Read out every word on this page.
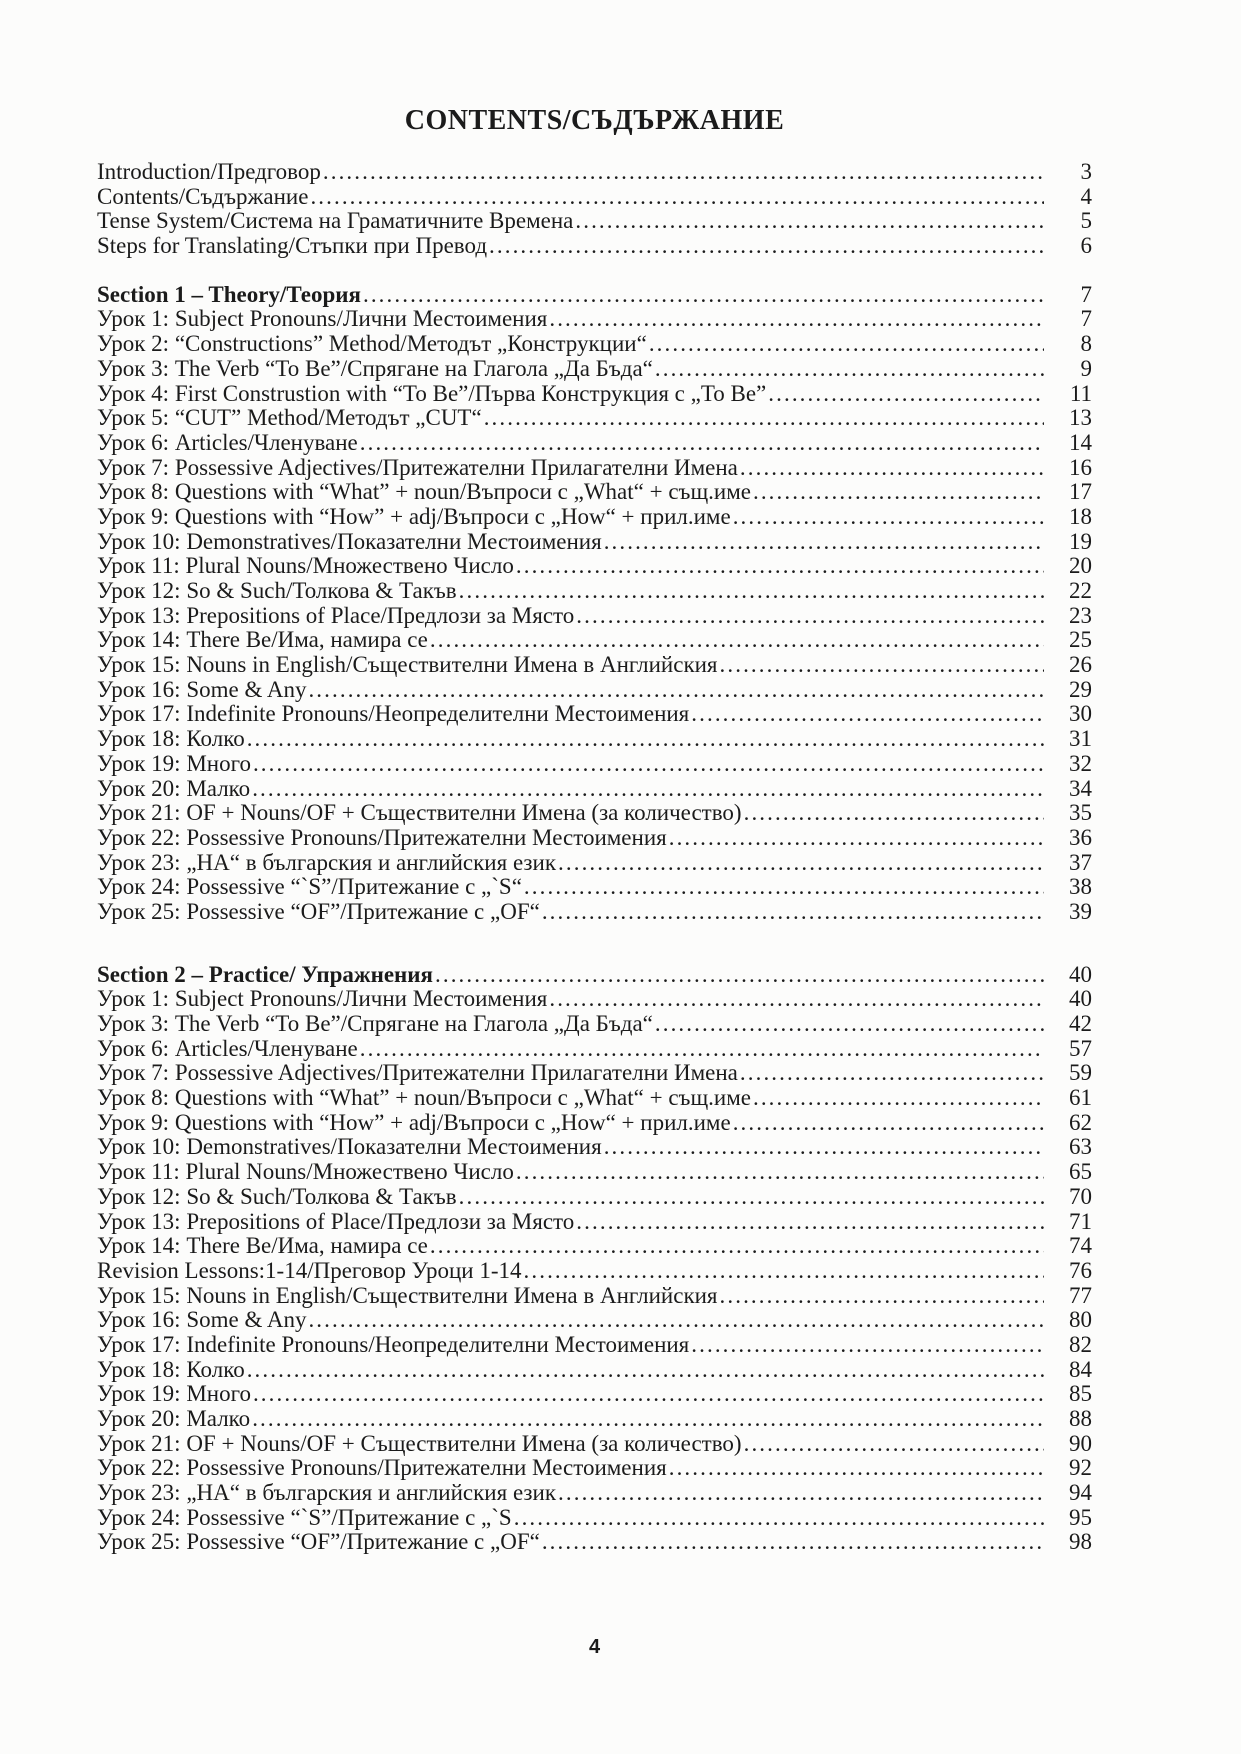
CONTENTS/СЪДЪРЖАНИЕ
Introduction/Предговор .....	3
Contents/Съдържание .....	4
Tense System/Система на Граматичните Времена .....	5
Steps for Translating/Стъпки при Превод .....	6
Section 1 – Theory/Теория .....	7
Урок 1: Subject Pronouns/Лични Местоимения .....	7
Урок 2: “Constructions” Method/Методът „Конструкции“ .....	8
Урок 3: The Verb “To Be”/Спрягане на Глагола „Да Бъда“ .....	9
Урок 4: First Construstion with “To Be”/Първа Конструкция с „To Be” .....	11
Урок 5: “CUT” Method/Методът „CUT“ .....	13
Урок 6: Articles/Членуване .....	14
Урок 7: Possessive Adjectives/Притежателни Прилагателни Имена .....	16
Урок 8: Questions with “What” + noun/Въпроси с „What“ + същ.име .....	17
Урок 9: Questions with “How” + adj/Въпроси с „How“ + прил.име .....	18
Урок 10: Demonstratives/Показателни Местоимения .....	19
Урок 11: Plural Nouns/Множествено Число .....	20
Урок 12: So & Such/Толкова & Такъв .....	22
Урок 13: Prepositions of Place/Предлози за Място .....	23
Урок 14: There Be/Има, намира се .....	25
Урок 15: Nouns in English/Съществителни Имена в Английския .....	26
Урок 16: Some & Any .....	29
Урок 17: Indefinite Pronouns/Неопределителни Местоимения .....	30
Урок 18: Колко .....	31
Урок 19: Много .....	32
Урок 20: Малко .....	34
Урок 21: OF + Nouns/OF + Съществителни Имена (за количество) .....	35
Урок 22: Possessive Pronouns/Притежателни Местоимения .....	36
Урок 23: „НА“ в българския и английския език .....	37
Урок 24: Possessive “`S”/Притежание с „`S“ .....	38
Урок 25: Possessive “OF”/Притежание с „OF“ .....	39
Section 2 – Practice/ Упражнения .....	40
Урок 1: Subject Pronouns/Лични Местоимения .....	40
Урок 3: The Verb “To Be”/Спрягане на Глагола „Да Бъда“ .....	42
Урок 6: Articles/Членуване .....	57
Урок 7: Possessive Adjectives/Притежателни Прилагателни Имена .....	59
Урок 8: Questions with “What” + noun/Въпроси с „What“ + същ.име .....	61
Урок 9: Questions with “How” + adj/Въпроси с „How“ + прил.име .....	62
Урок 10: Demonstratives/Показателни Местоимения .....	63
Урок 11: Plural Nouns/Множествено Число .....	65
Урок 12: So & Such/Толкова & Такъв .....	70
Урок 13: Prepositions of Place/Предлози за Място .....	71
Урок 14: There Be/Има, намира се .....	74
Revision Lessons:1-14/Преговор Уроци 1-14 .....	76
Урок 15: Nouns in English/Съществителни Имена в Английския .....	77
Урок 16: Some & Any .....	80
Урок 17: Indefinite Pronouns/Неопределителни Местоимения .....	82
Урок 18: Колко .....	84
Урок 19: Много .....	85
Урок 20: Малко .....	88
Урок 21: OF + Nouns/OF + Съществителни Имена (за количество) .....	90
Урок 22: Possessive Pronouns/Притежателни Местоимения .....	92
Урок 23: „НА“ в българския и английския език .....	94
Урок 24: Possessive “`S”/Притежание с „`S .....	95
Урок 25: Possessive “OF”/Притежание с „OF“ .....	98
4
